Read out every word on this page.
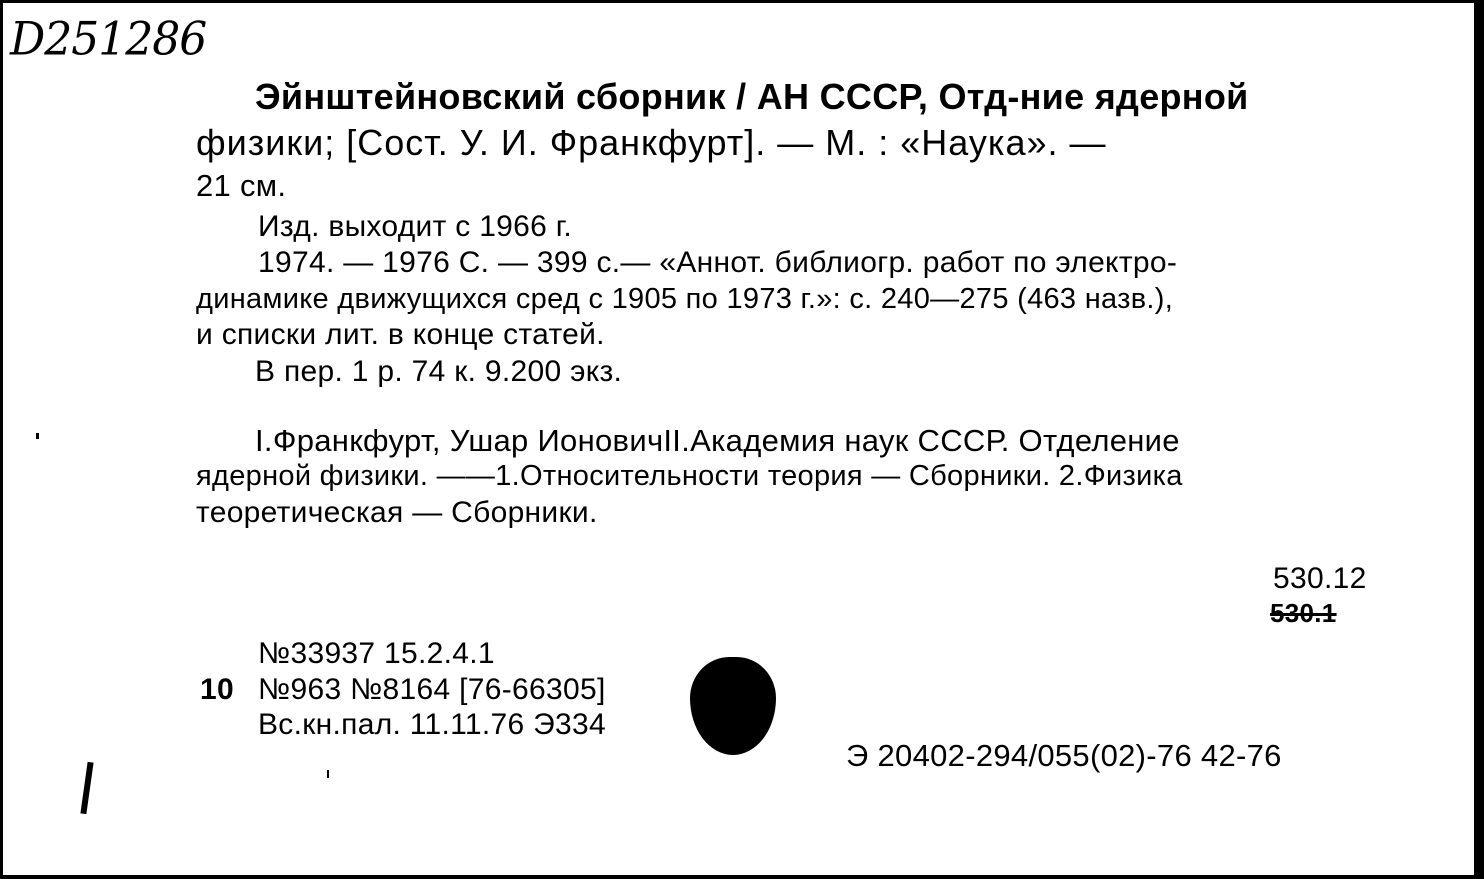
D251286
Эйнштейновский сборник / АН СССР, Отд-ние ядерной
физики; [Сост. У. И. Франкфурт]. — М. : «Наука». —
21 см.
Изд. выходит с 1966 г.
1974. — 1976 С. — 399 с.— «Аннот. библиогр. работ по электро-
динамике движущихся сред с 1905 по 1973 г.»: с. 240—275 (463 назв.),
и списки лит. в конце статей.
В пер. 1 р. 74 к. 9.200 экз.
I.Франкфурт, Ушар ИоновичII.Академия наук СССР. Отделение
ядерной физики. ——1.Относительности теория — Сборники. 2.Физика
теоретическая — Сборники.
530.12
530.1
№33937 15.2.4.1
10 №963 №8164 [76-66305]
Вс.кн.пал. 11.11.76 Э334
Э 20402-294/055(02)-76 42-76
